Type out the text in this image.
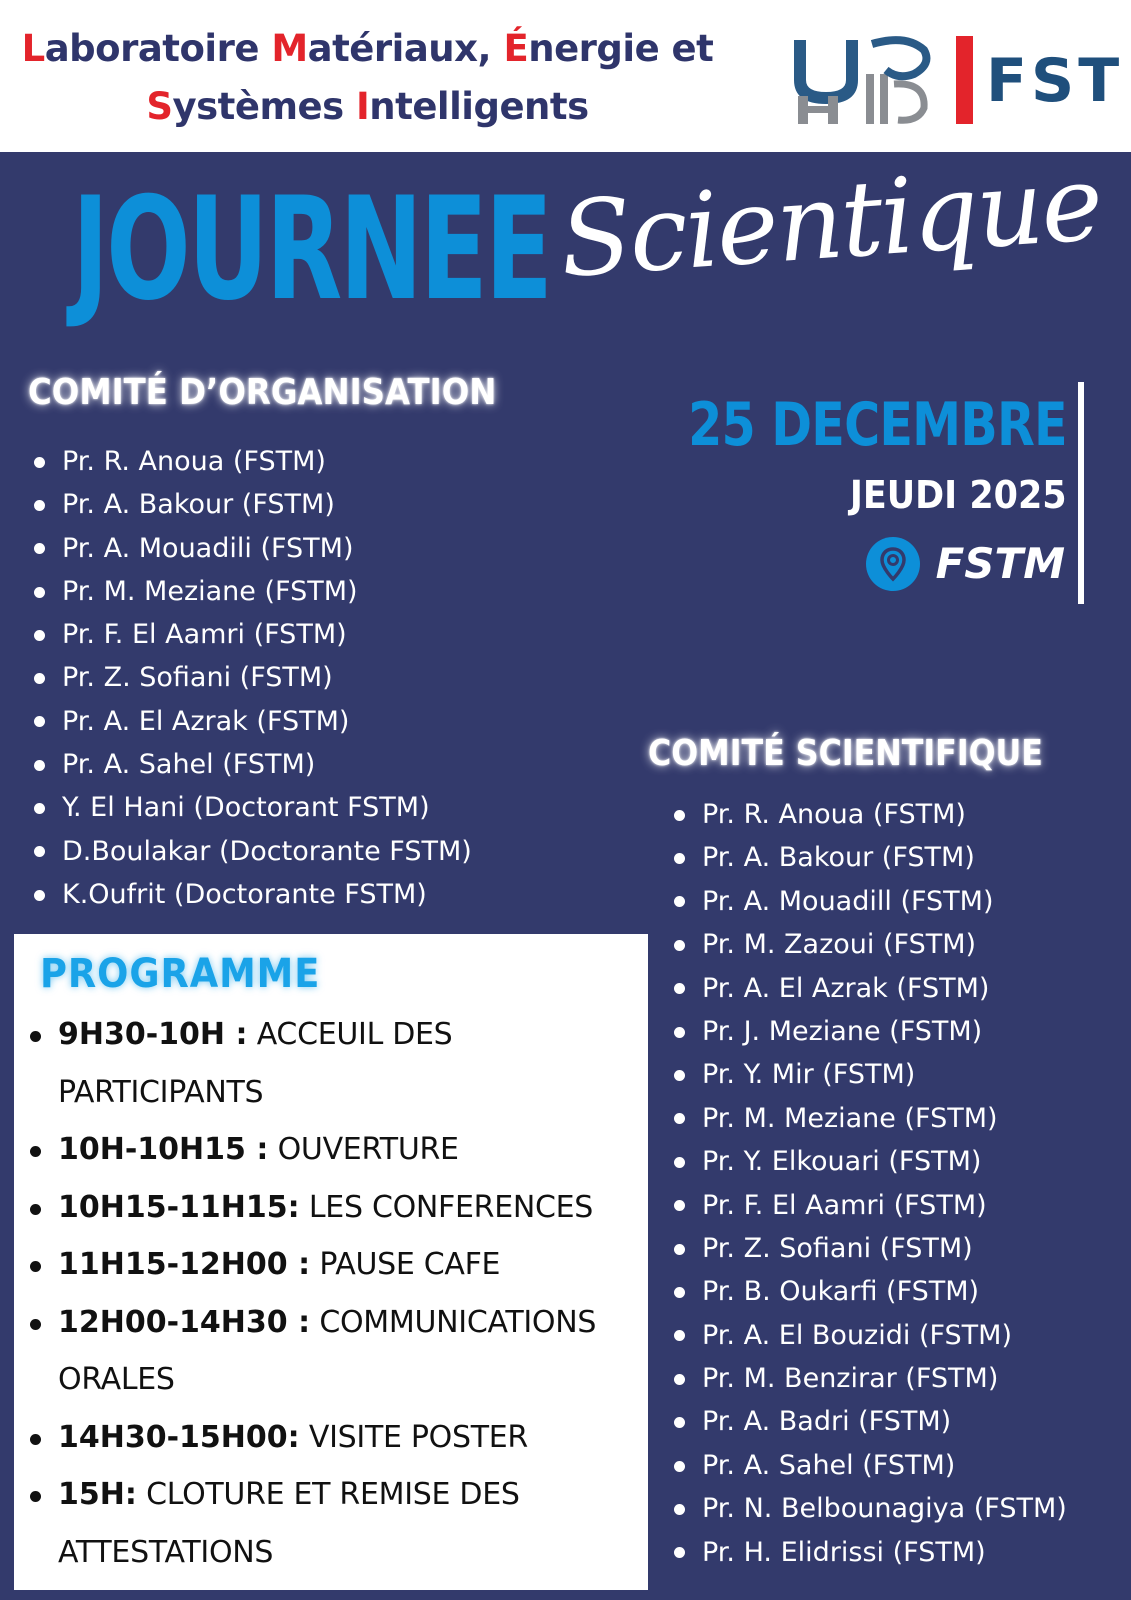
Laboratoire Matériaux, Énergie et
Systèmes Intelligents	FST
JOURNEE Scientique
COMITÉ D’ORGANISATION
Pr. R. Anoua (FSTM)
Pr. A. Bakour (FSTM)
Pr. A. Mouadili (FSTM)
Pr. M. Meziane (FSTM)
Pr. F. El Aamri (FSTM)
Pr. Z. Sofiani (FSTM)
Pr. A. El Azrak (FSTM)
Pr. A. Sahel (FSTM)
Y. El Hani (Doctorant FSTM)
D.Boulakar (Doctorante FSTM)
K.Oufrit (Doctorante FSTM)
25 DECEMBRE
JEUDI 2025
FSTM
COMITÉ SCIENTIFIQUE
Pr. R. Anoua (FSTM)
Pr. A. Bakour (FSTM)
Pr. A. Mouadill (FSTM)
Pr. M. Zazoui (FSTM)
Pr. A. El Azrak (FSTM)
Pr. J. Meziane (FSTM)
Pr. Y. Mir (FSTM)
Pr. M. Meziane (FSTM)
Pr. Y. Elkouari (FSTM)
Pr. F. El Aamri (FSTM)
Pr. Z. Sofiani (FSTM)
Pr. B. Oukarfi (FSTM)
Pr. A. El Bouzidi (FSTM)
Pr. M. Benzirar (FSTM)
Pr. A. Badri (FSTM)
Pr. A. Sahel (FSTM)
Pr. N. Belbounagiya (FSTM)
Pr. H. Elidrissi (FSTM)
PROGRAMME
9H30-10H : ACCEUIL DES PARTICIPANTS
10H-10H15 : OUVERTURE
10H15-11H15: LES CONFERENCES
11H15-12H00 : PAUSE CAFE
12H00-14H30 : COMMUNICATIONS ORALES
14H30-15H00: VISITE POSTER
15H: CLOTURE ET REMISE DES ATTESTATIONS
